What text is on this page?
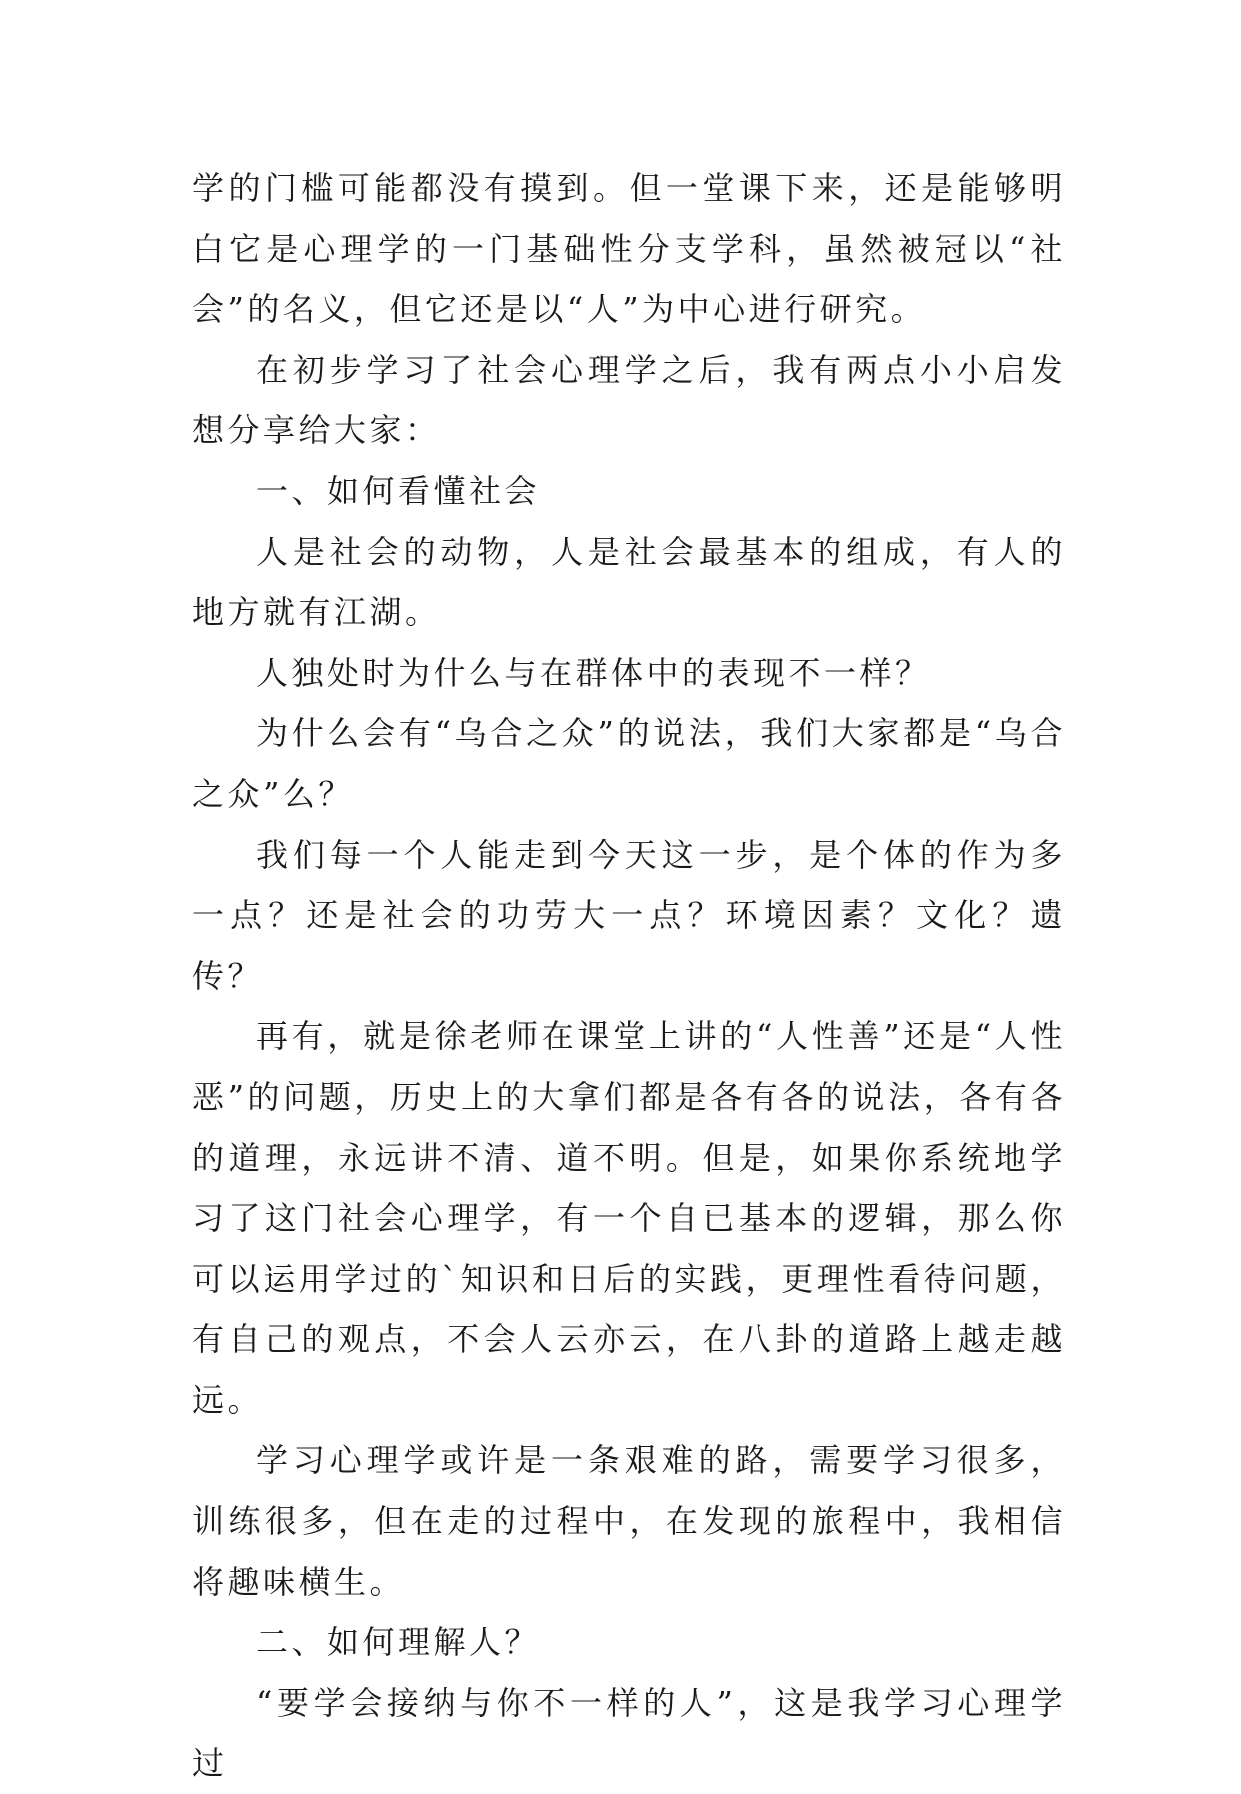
学的门槛可能都没有摸到。但一堂课下来，还是能够明白它是心理学的一门基础性分支学科，虽然被冠以“社会”的名义，但它还是以“人”为中心进行研究。

在初步学习了社会心理学之后，我有两点小小启发想分享给大家：

一、如何看懂社会

人是社会的动物，人是社会最基本的组成，有人的地方就有江湖。

人独处时为什么与在群体中的表现不一样？

为什么会有“乌合之众”的说法，我们大家都是“乌合之众”么？

我们每一个人能走到今天这一步，是个体的作为多一点？还是社会的功劳大一点？环境因素？文化？遗传？

再有，就是徐老师在课堂上讲的“人性善”还是“人性恶”的问题，历史上的大拿们都是各有各的说法，各有各的道理，永远讲不清、道不明。但是，如果你系统地学习了这门社会心理学，有一个自已基本的逻辑，那么你可以运用学过的`知识和日后的实践，更理性看待问题，有自己的观点，不会人云亦云，在八卦的道路上越走越远。

学习心理学或许是一条艰难的路，需要学习很多，训练很多，但在走的过程中，在发现的旅程中，我相信将趣味横生。

二、如何理解人？

“要学会接纳与你不一样的人”，这是我学习心理学过
